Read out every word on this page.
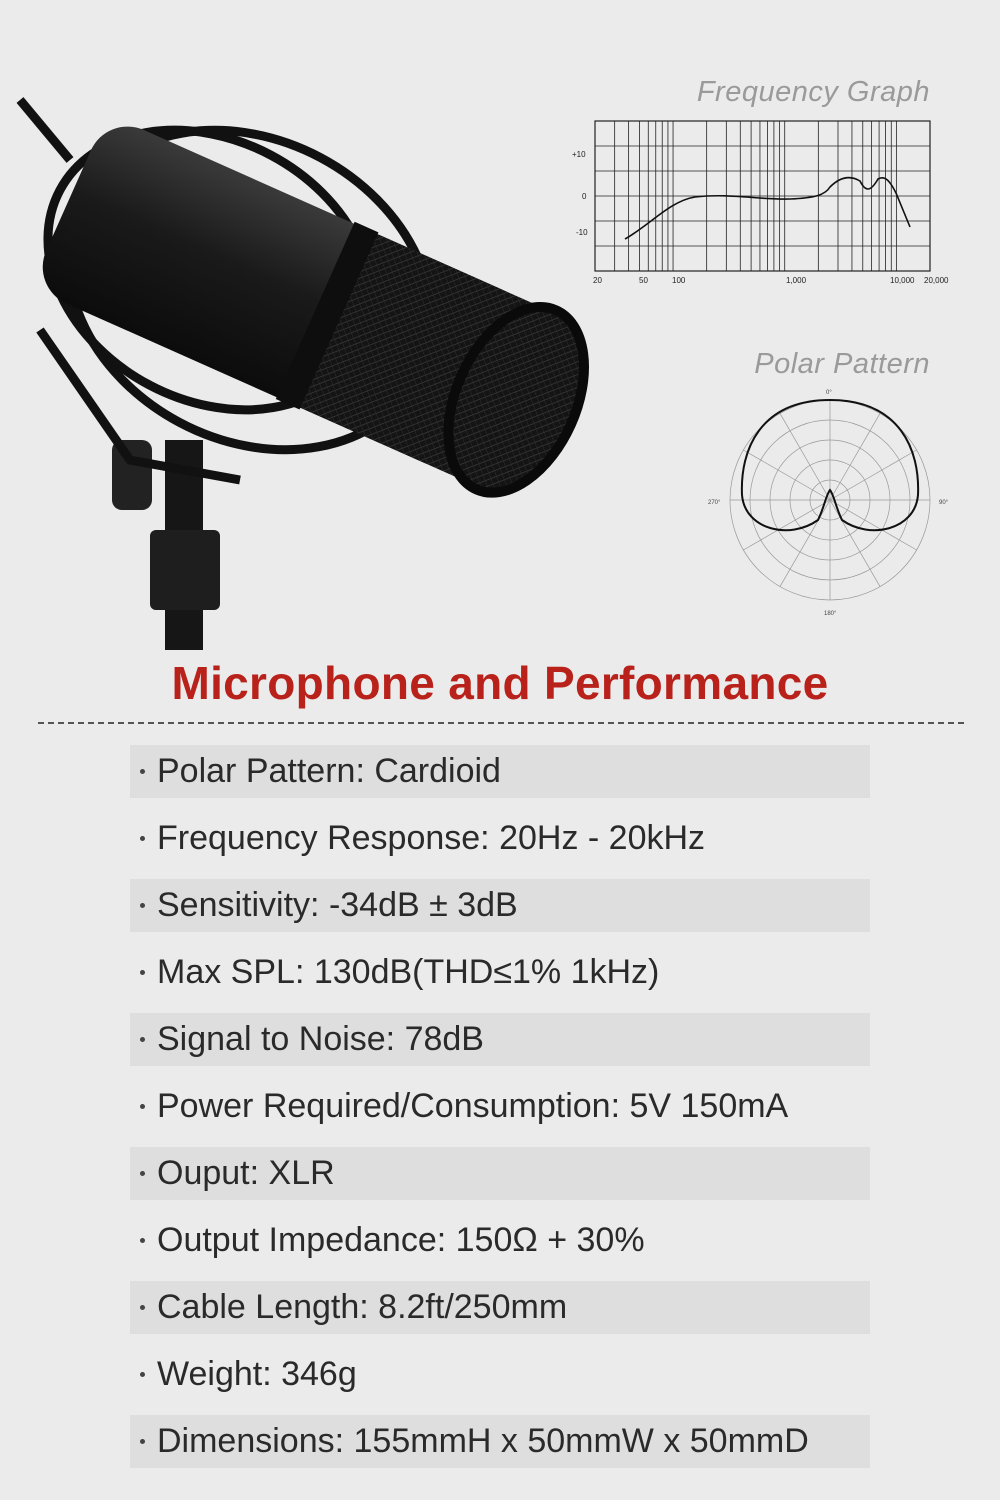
Frequency Graph
+10
0
-10
20	50	100	1,000	10,000 20,000
Polar Pattern
0°
90°
180°
270°
Microphone and Performance
Polar Pattern: Cardioid
Frequency Response: 20Hz - 20kHz
Sensitivity: -34dB ± 3dB
Max SPL: 130dB(THD≤1% 1kHz)
Signal to Noise: 78dB
Power Required/Consumption: 5V 150mA
Ouput: XLR
Output Impedance: 150Ω + 30%
Cable Length: 8.2ft/250mm
Weight: 346g
Dimensions: 155mmH x 50mmW x 50mmD
